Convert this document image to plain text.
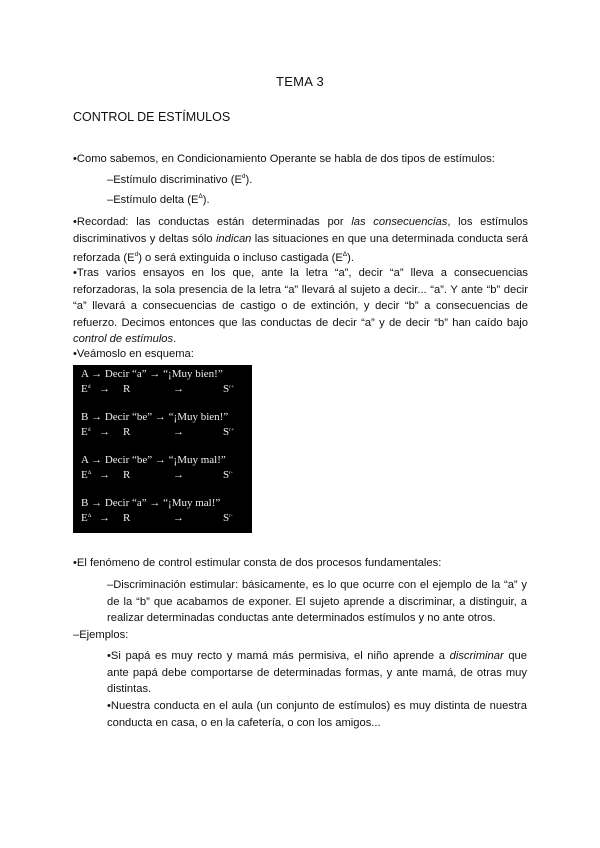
TEMA 3
CONTROL DE ESTÍMULOS
•Como sabemos, en Condicionamiento Operante se habla de dos tipos de estímulos:
–Estímulo discriminativo $(E^d)$.
–Estímulo delta $(E^\Delta)$.
•Recordad: las conductas están determinadas por las consecuencias, los estímulos
discriminativos y deltas sólo indican las situaciones en que una determinada conducta será
reforzada $(E^d)$ o será extinguida o incluso castigada $(E^\Delta)$.
•Tras varios ensayos en los que, ante la letra “a”, decir “a” lleva a consecuencias
reforzadoras, la sola presencia de la letra “a” llevará al sujeto a decir... “a”. Y ante “b” decir
“a” llevará a consecuencias de castigo o de extinción, y decir “b” a consecuencias de
refuerzo. Decimos entonces que las conductas de decir “a” y de decir “b” han caído bajo
control de estímulos.
•Veámoslo en esquema:
A → Decir “a” → “¡Muy bien!”
$E^d \to R$	→	$S^{r+}$
B → Decir “be” → “¡Muy bien!”
$E^d \to R$	→	$S^{r+}$
A → Decir “be” → “¡Muy mal!”
$E^\Delta \to R$	→	$S^{r-}$
B → Decir “a” → “¡Muy mal!”
$E^\Delta \to R$	→	$S^{r-}$
•El fenómeno de control estimular consta de dos procesos fundamentales:
–Discriminación estimular: básicamente, es lo que ocurre con el ejemplo de la “a” y
de la “b” que acabamos de exponer. El sujeto aprende a discriminar, a distinguir, a
realizar determinadas conductas ante determinados estímulos y no ante otros.
–Ejemplos:
•Si papá es muy recto y mamá más permisiva, el niño aprende a discriminar que
ante papá debe comportarse de determinadas formas, y ante mamá, de otras muy
distintas.
•Nuestra conducta en el aula (un conjunto de estímulos) es muy distinta de nuestra
conducta en casa, o en la cafetería, o con los amigos...
